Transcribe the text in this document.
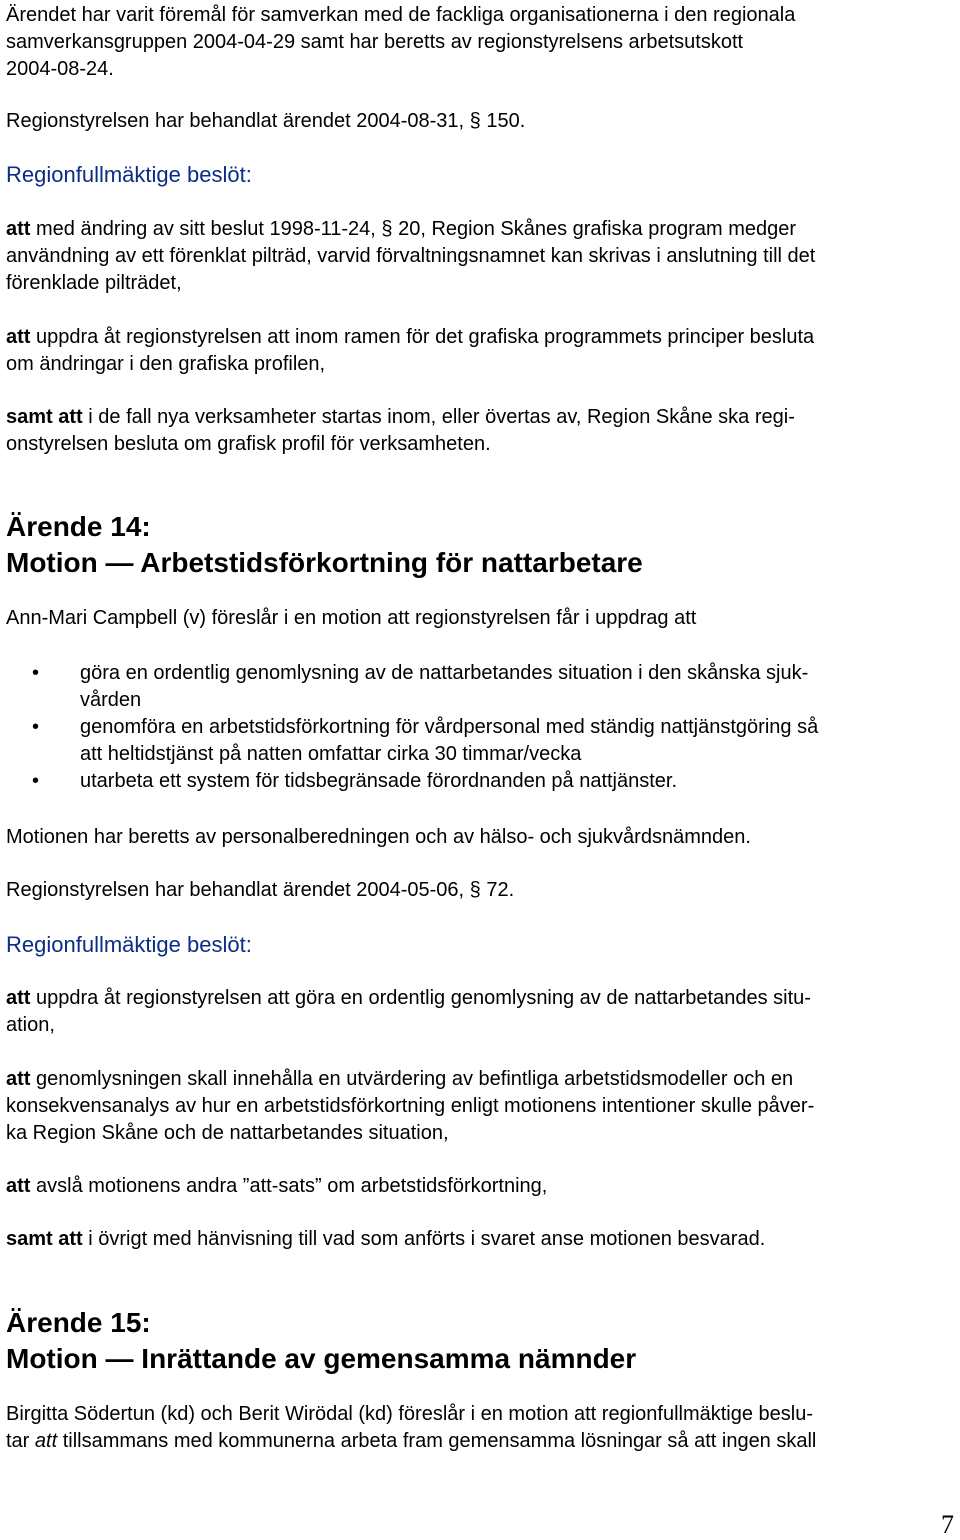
Ärendet har varit föremål för samverkan med de fackliga organisationerna i den regionala
samverkansgruppen 2004-04-29 samt har beretts av regionstyrelsens arbetsutskott
2004-08-24.

Regionstyrelsen har behandlat ärendet 2004-08-31, § 150.

Regionfullmäktige beslöt:

att med ändring av sitt beslut 1998-11-24, § 20, Region Skånes grafiska program medger
användning av ett förenklat pilträd, varvid förvaltningsnamnet kan skrivas i anslutning till det
förenklade pilträdet,

att uppdra åt regionstyrelsen att inom ramen för det grafiska programmets principer besluta
om ändringar i den grafiska profilen,

samt att i de fall nya verksamheter startas inom, eller övertas av, Region Skåne ska regi-
onstyrelsen besluta om grafisk profil för verksamheten.

Ärende 14:
Motion — Arbetstidsförkortning för nattarbetare

Ann-Mari Campbell (v) föreslår i en motion att regionstyrelsen får i uppdrag att

• göra en ordentlig genomlysning av de nattarbetandes situation i den skånska sjuk-
vården
• genomföra en arbetstidsförkortning för vårdpersonal med ständig nattjänstgöring så
att heltidstjänst på natten omfattar cirka 30 timmar/vecka
• utarbeta ett system för tidsbegränsade förordnanden på nattjänster.

Motionen har beretts av personalberedningen och av hälso- och sjukvårdsnämnden.

Regionstyrelsen har behandlat ärendet 2004-05-06, § 72.

Regionfullmäktige beslöt:

att uppdra åt regionstyrelsen att göra en ordentlig genomlysning av de nattarbetandes situ-
ation,

att genomlysningen skall innehålla en utvärdering av befintliga arbetstidsmodeller och en
konsekvensanalys av hur en arbetstidsförkortning enligt motionens intentioner skulle påver-
ka Region Skåne och de nattarbetandes situation,

att avslå motionens andra ”att-sats” om arbetstidsförkortning,

samt att i övrigt med hänvisning till vad som anförts i svaret anse motionen besvarad.

Ärende 15:
Motion — Inrättande av gemensamma nämnder

Birgitta Södertun (kd) och Berit Wirödal (kd) föreslår i en motion att regionfullmäktige beslu-
tar att tillsammans med kommunerna arbeta fram gemensamma lösningar så att ingen skall

7
